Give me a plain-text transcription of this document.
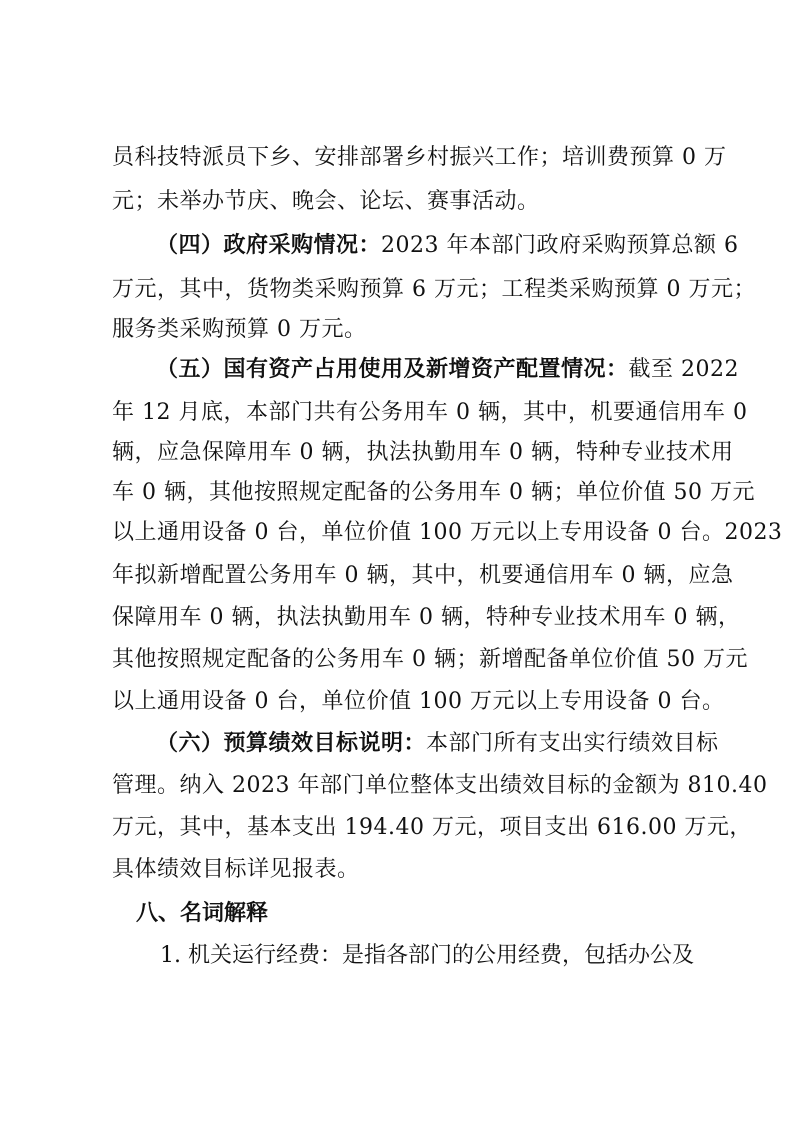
员科技特派员下乡、安排部署乡村振兴工作；培训费预算 0 万
元；未举办节庆、晚会、论坛、赛事活动。
（四）政府采购情况：2023 年本部门政府采购预算总额 6
万元，其中，货物类采购预算 6 万元；工程类采购预算 0 万元；
服务类采购预算 0 万元。
（五）国有资产占用使用及新增资产配置情况：截至 2022
年 12 月底，本部门共有公务用车 0 辆，其中，机要通信用车 0
辆，应急保障用车 0 辆，执法执勤用车 0 辆，特种专业技术用
车 0 辆，其他按照规定配备的公务用车 0 辆；单位价值 50 万元
以上通用设备 0 台，单位价值 100 万元以上专用设备 0 台。2023
年拟新增配置公务用车 0 辆，其中，机要通信用车 0 辆，应急
保障用车 0 辆，执法执勤用车 0 辆，特种专业技术用车 0 辆，
其他按照规定配备的公务用车 0 辆；新增配备单位价值 50 万元
以上通用设备 0 台，单位价值 100 万元以上专用设备 0 台。
（六）预算绩效目标说明：本部门所有支出实行绩效目标
管理。纳入 2023 年部门单位整体支出绩效目标的金额为 810.40
万元，其中，基本支出 194.40 万元，项目支出 616.00 万元，
具体绩效目标详见报表。
八、名词解释
1. 机关运行经费：是指各部门的公用经费，包括办公及
